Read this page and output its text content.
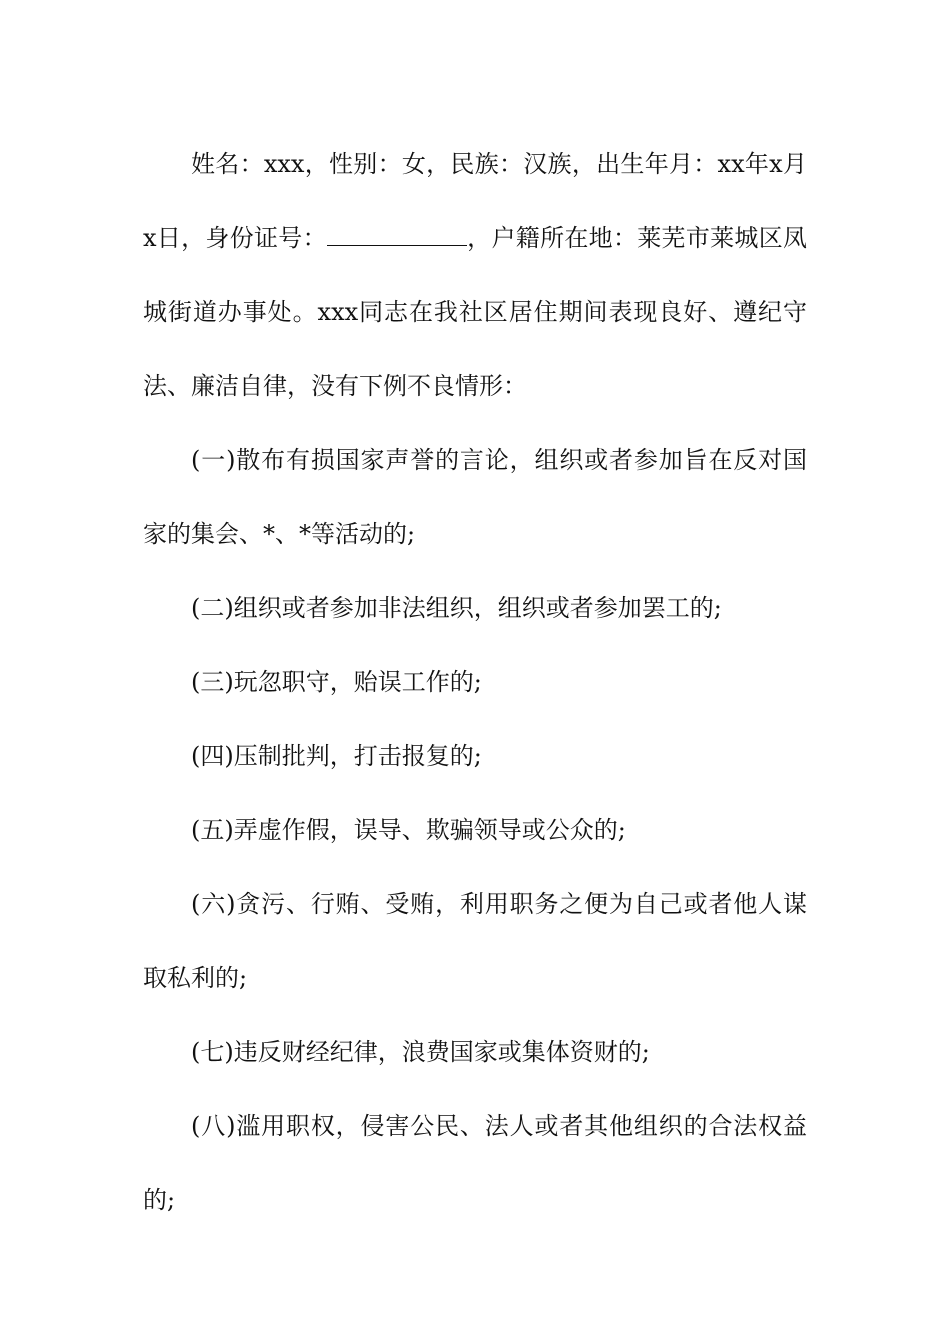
姓名：xxx，性别：女，民族：汉族，出生年月：xx年x月x日，身份证号：	，户籍所在地：莱芜市莱城区凤城街道办事处。xxx同志在我社区居住期间表现良好、遵纪守法、廉洁自律，没有下例不良情形：

(一)散布有损国家声誉的言论，组织或者参加旨在反对国家的集会、*、*等活动的;

(二)组织或者参加非法组织，组织或者参加罢工的;

(三)玩忽职守，贻误工作的;

(四)压制批判，打击报复的;

(五)弄虚作假，误导、欺骗领导或公众的;

(六)贪污、行贿、受贿，利用职务之便为自己或者他人谋取私利的;

(七)违反财经纪律，浪费国家或集体资财的;

(八)滥用职权，侵害公民、法人或者其他组织的合法权益的;
